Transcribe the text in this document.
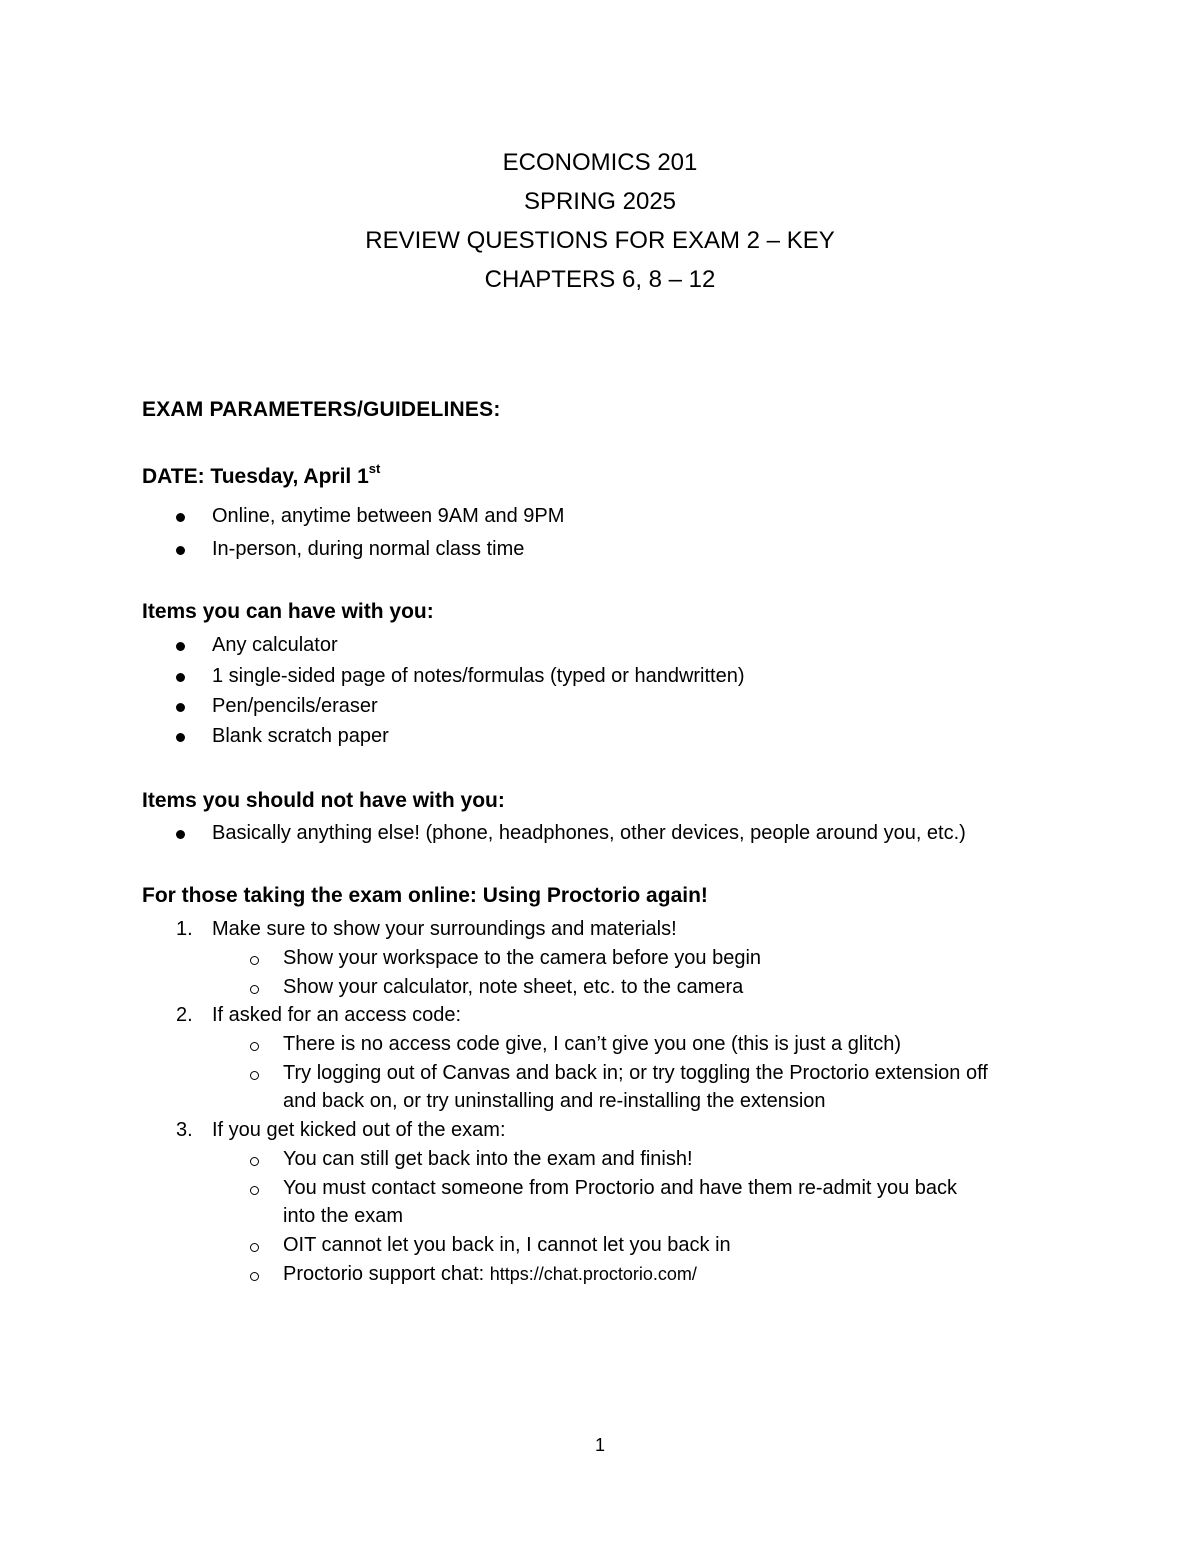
ECONOMICS 201
SPRING 2025
REVIEW QUESTIONS FOR EXAM 2 – KEY
CHAPTERS 6, 8 – 12
EXAM PARAMETERS/GUIDELINES:
DATE: Tuesday, April 1st
Online, anytime between 9AM and 9PM
In-person, during normal class time
Items you can have with you:
Any calculator
1 single-sided page of notes/formulas (typed or handwritten)
Pen/pencils/eraser
Blank scratch paper
Items you should not have with you:
Basically anything else! (phone, headphones, other devices, people around you, etc.)
For those taking the exam online: Using Proctorio again!
1. Make sure to show your surroundings and materials!
Show your workspace to the camera before you begin
Show your calculator, note sheet, etc. to the camera
2. If asked for an access code:
There is no access code give, I can’t give you one (this is just a glitch)
Try logging out of Canvas and back in; or try toggling the Proctorio extension off
and back on, or try uninstalling and re-installing the extension
3. If you get kicked out of the exam:
You can still get back into the exam and finish!
You must contact someone from Proctorio and have them re-admit you back
into the exam
OIT cannot let you back in, I cannot let you back in
Proctorio support chat: https://chat.proctorio.com/
1
